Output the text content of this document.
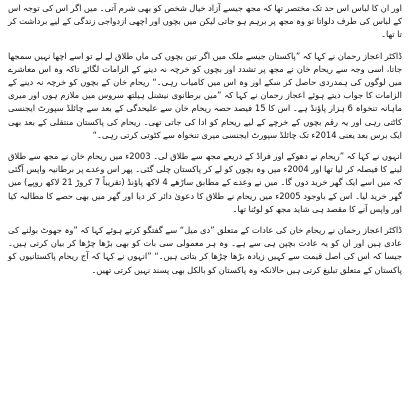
اور ان کا لباس اس حد تک مختصر تھا کہ مجھ جیسے آزاد خیال شخص کو بھی شرم آتی۔ میں اگر اس کی توجہ اس کے لباس کی طرف دلواتا تو وہ مجھ پر برہم ہو جاتی لیکن میں بچوں اور اچھی ازدواجی زندگی کے لیے برداشت کر تا تھا۔

ڈاکٹر اعجاز رحمان نے کہا کہ ”پاکستان جیسے ملک میں اگر تین بچوں کی ماں طلاق لے لے تو اسے اچھا نہیں سمجھا جاتا، اسی وجہ سے ریحام خان نے مجھ پر تشدد اور بچوں کو خرچہ نہ دینے کے الزامات لگائے تاکہ وہ اس معاشرے میں لوگوں کی ہمدردی حاصل کر سکے اور وہ اس میں کامیاب رہی۔“ ریحام خان کے بچوں کو خرچہ نہ دینے کے الزامات کا جواب دیتے ہوئے اعجاز رحمان نے کہا کہ ”میں برطانوی نیشنل ہیلتھ سروس میں ملازم ہوں اور میری ماہانہ تنخواہ 6 ہزار پاؤنڈ ہے۔ اس کا 15 فیصد حصہ ریحام خان سے علیحدگی کے بعد سے چائلڈ سپورٹ ایجنسی کاٹتی رہی اور یہ رقم بچوں کے خرچے کے لیے ریحام کو ادا کی جاتی تھی۔ ریحام کی پاکستان منتقلی کے بعد بھی ایک برس بعد یعنی 2014ء تک چائلڈ سپورٹ ایجنسی میری تنخواہ سے کٹوتی کرتی رہی۔“

انہوں نے کہا کہ ”ریحام نے دھوکے اور فراڈ کے ذریعے مجھ سے طلاق لی۔ 2003ء میں ریحام خان نے مجھ سے طلاق لینے کا فیصلہ کر لیا تھا اور 2004ء میں وہ بچوں کو لے کر پاکستان چلی گئی۔ پھر اس وعدے پر برطانیہ واپس آگئی کہ میں اسے ایک گھر خرید دوں گا۔ میں نے وعدے کے مطابق ساڑھے 4 لاکھ پاؤنڈ (تقریباً 7 کروڑ 21 لاکھ روپے) میں گھر خرید لیا۔ اس کے باوجود 2005ء میں ریحام نے طلاق کا دعویٰ دائر کر دیا اور گھر میں بھی حصے کا مطالبہ کیا اور واپس آنے کا مقصد ہی شاید مجھ کو لوٹنا تھا۔

ڈاکٹر اعجاز رحمان نے ریحام خان کی عادات کے متعلق ”دی میل“ سے گفتگو کرتے ہوئے کہا کہ ”وہ جھوٹ بولنے کی عادی ہیں اور ان کو یہ عادت بچپن ہی سے ہے۔ وہ ہر معمولی سی بات کو بھی بڑھا چڑھا کر بیان کرتی ہیں۔ جیسا کہ اس کی اصل قیمت سے کہیں زیادہ بڑھا چڑھا کر بتاتی ہیں۔“ ”انہوں نے کہا کہ آج ریحام پاکستانیوں کو پاکستان کے متعلق تبلیغ کرتی ہیں حالانکہ وہ پاکستان کو بالکل بھی پسند نہیں کرتی تھیں۔
